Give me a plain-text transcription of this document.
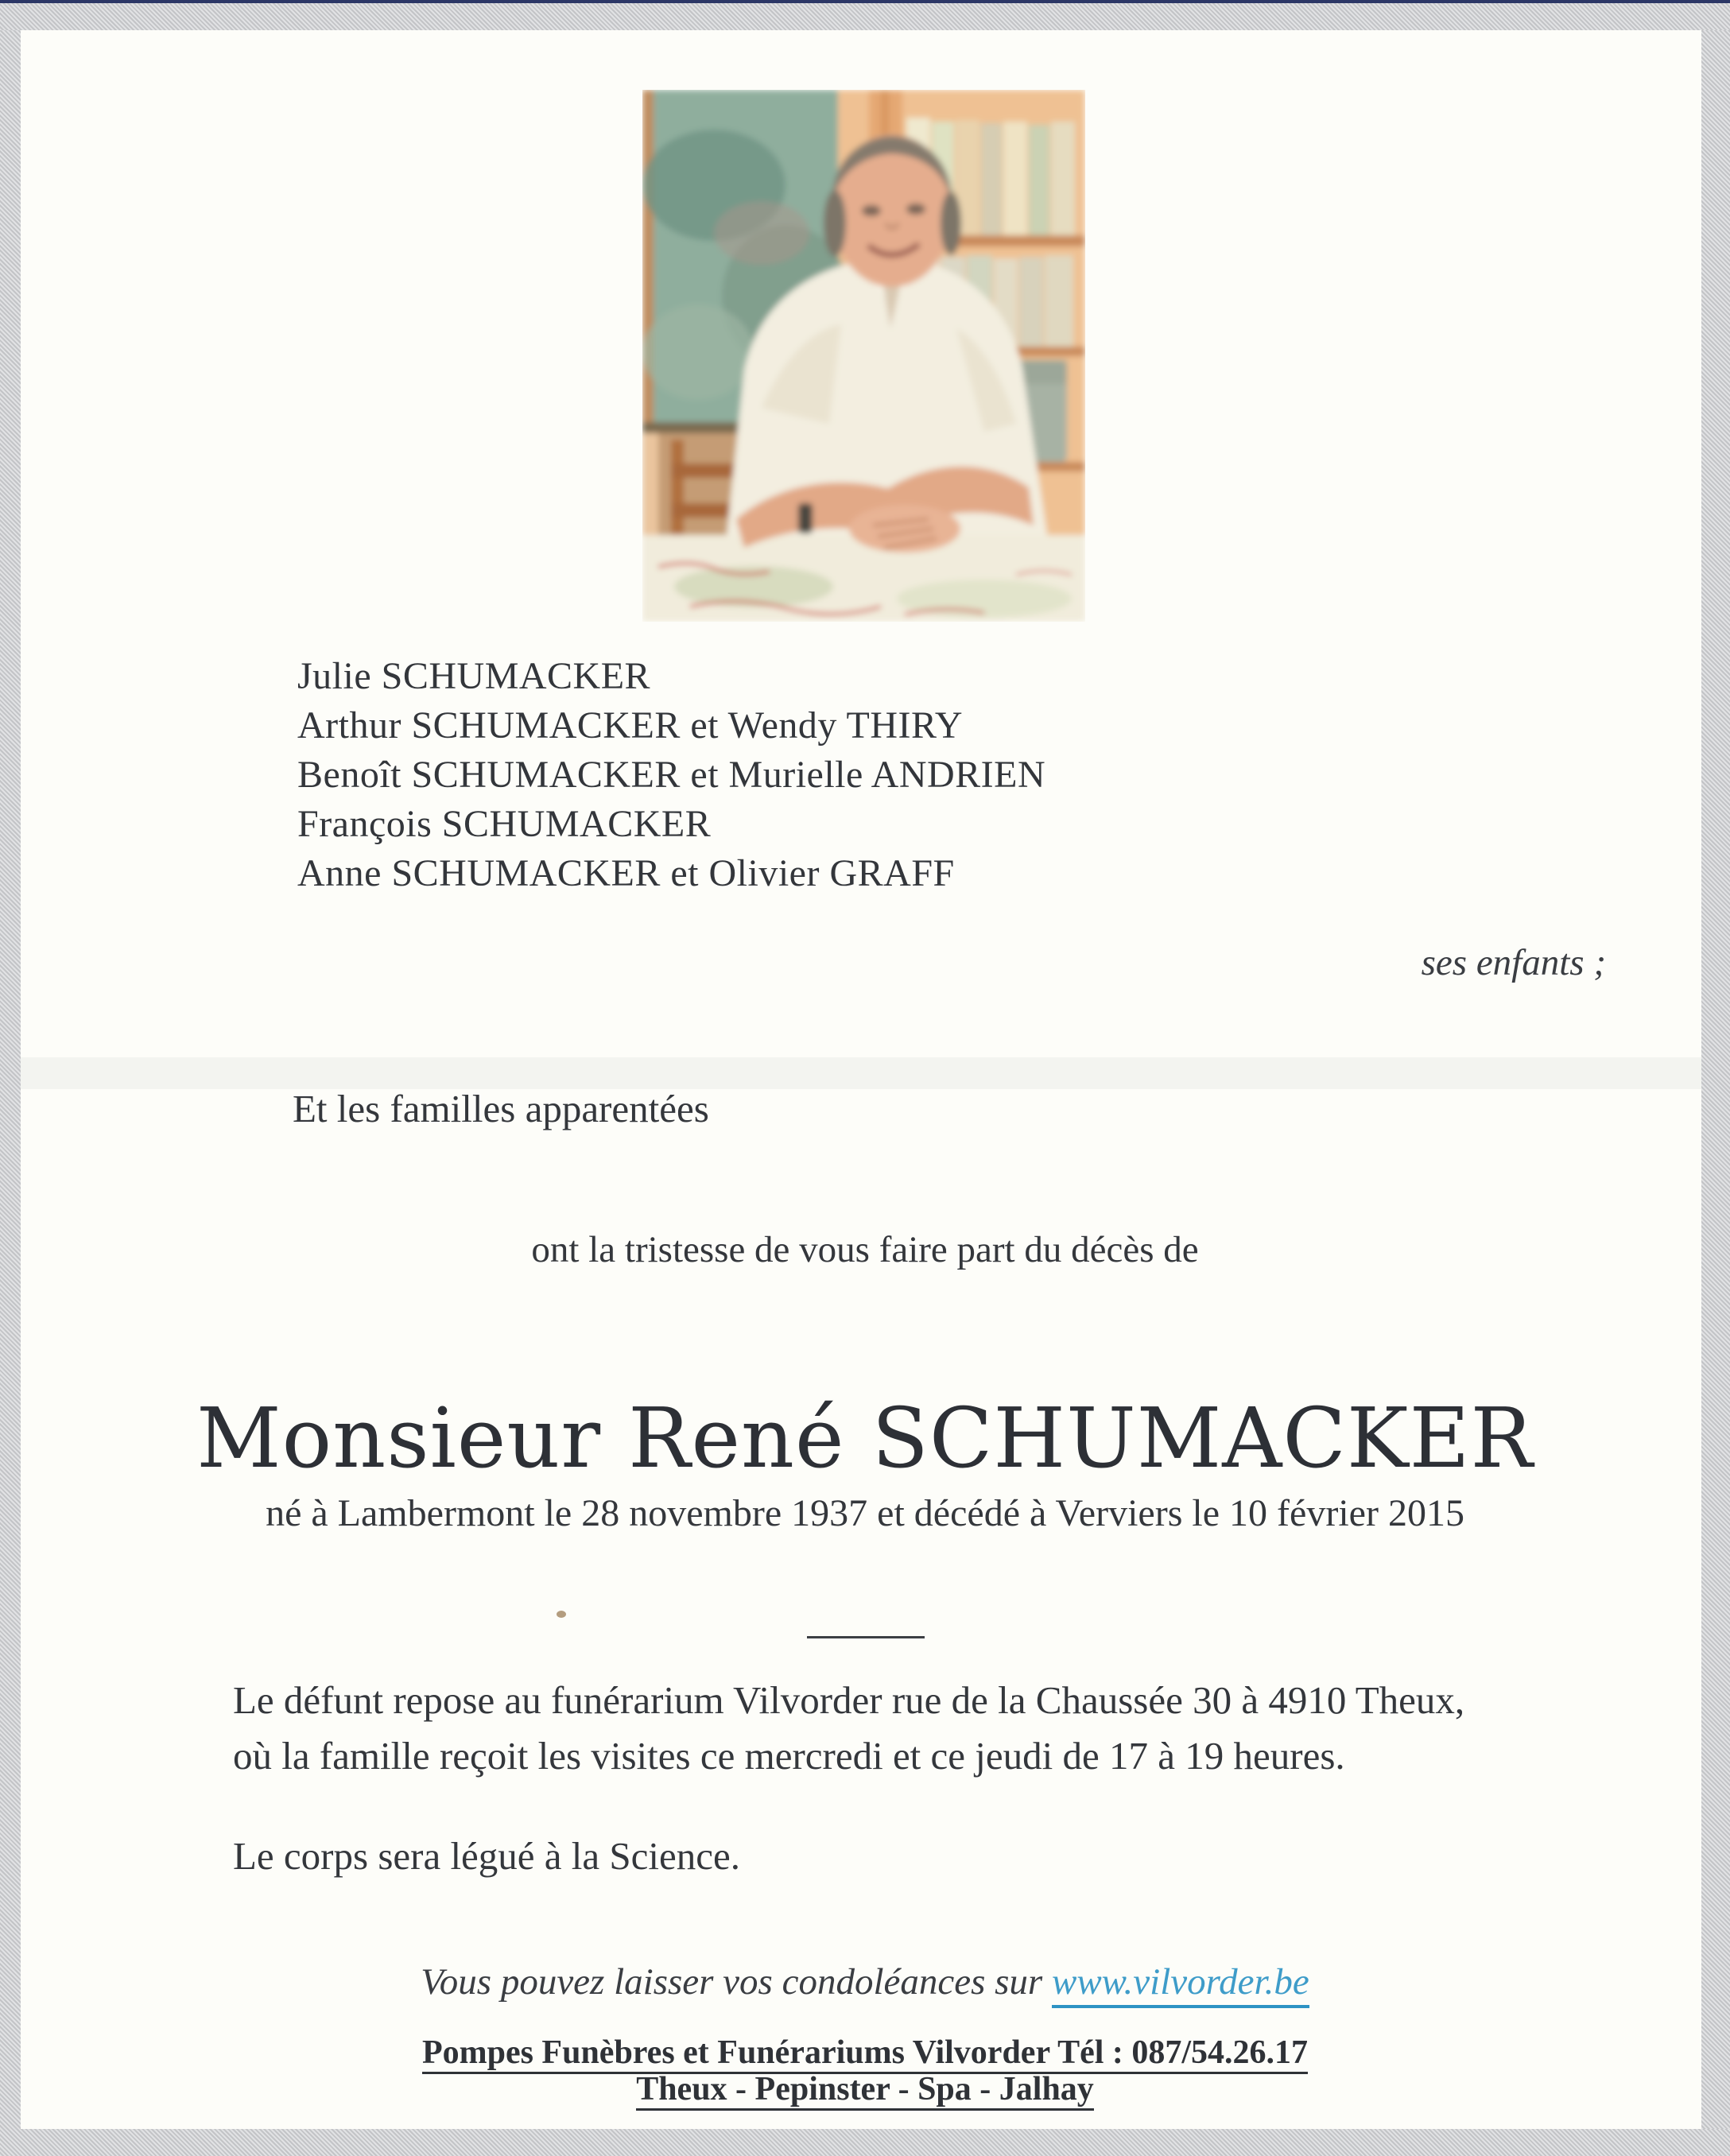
Julie SCHUMACKER
Arthur SCHUMACKER et Wendy THIRY
Benoît SCHUMACKER et Murielle ANDRIEN
François SCHUMACKER
Anne SCHUMACKER et Olivier GRAFF
ses enfants ;
Et les familles apparentées
ont la tristesse de vous faire part du décès de
Monsieur René SCHUMACKER
né à Lambermont le 28 novembre 1937 et décédé à Verviers le 10 février 2015
Le défunt repose au funérarium Vilvorder rue de la Chaussée 30 à 4910 Theux,
où la famille reçoit les visites ce mercredi et ce jeudi de 17 à 19 heures.
Le corps sera légué à la Science.
Vous pouvez laisser vos condoléances sur www.vilvorder.be
Pompes Funèbres et Funérariums Vilvorder Tél : 087/54.26.17
Theux - Pepinster - Spa - Jalhay
